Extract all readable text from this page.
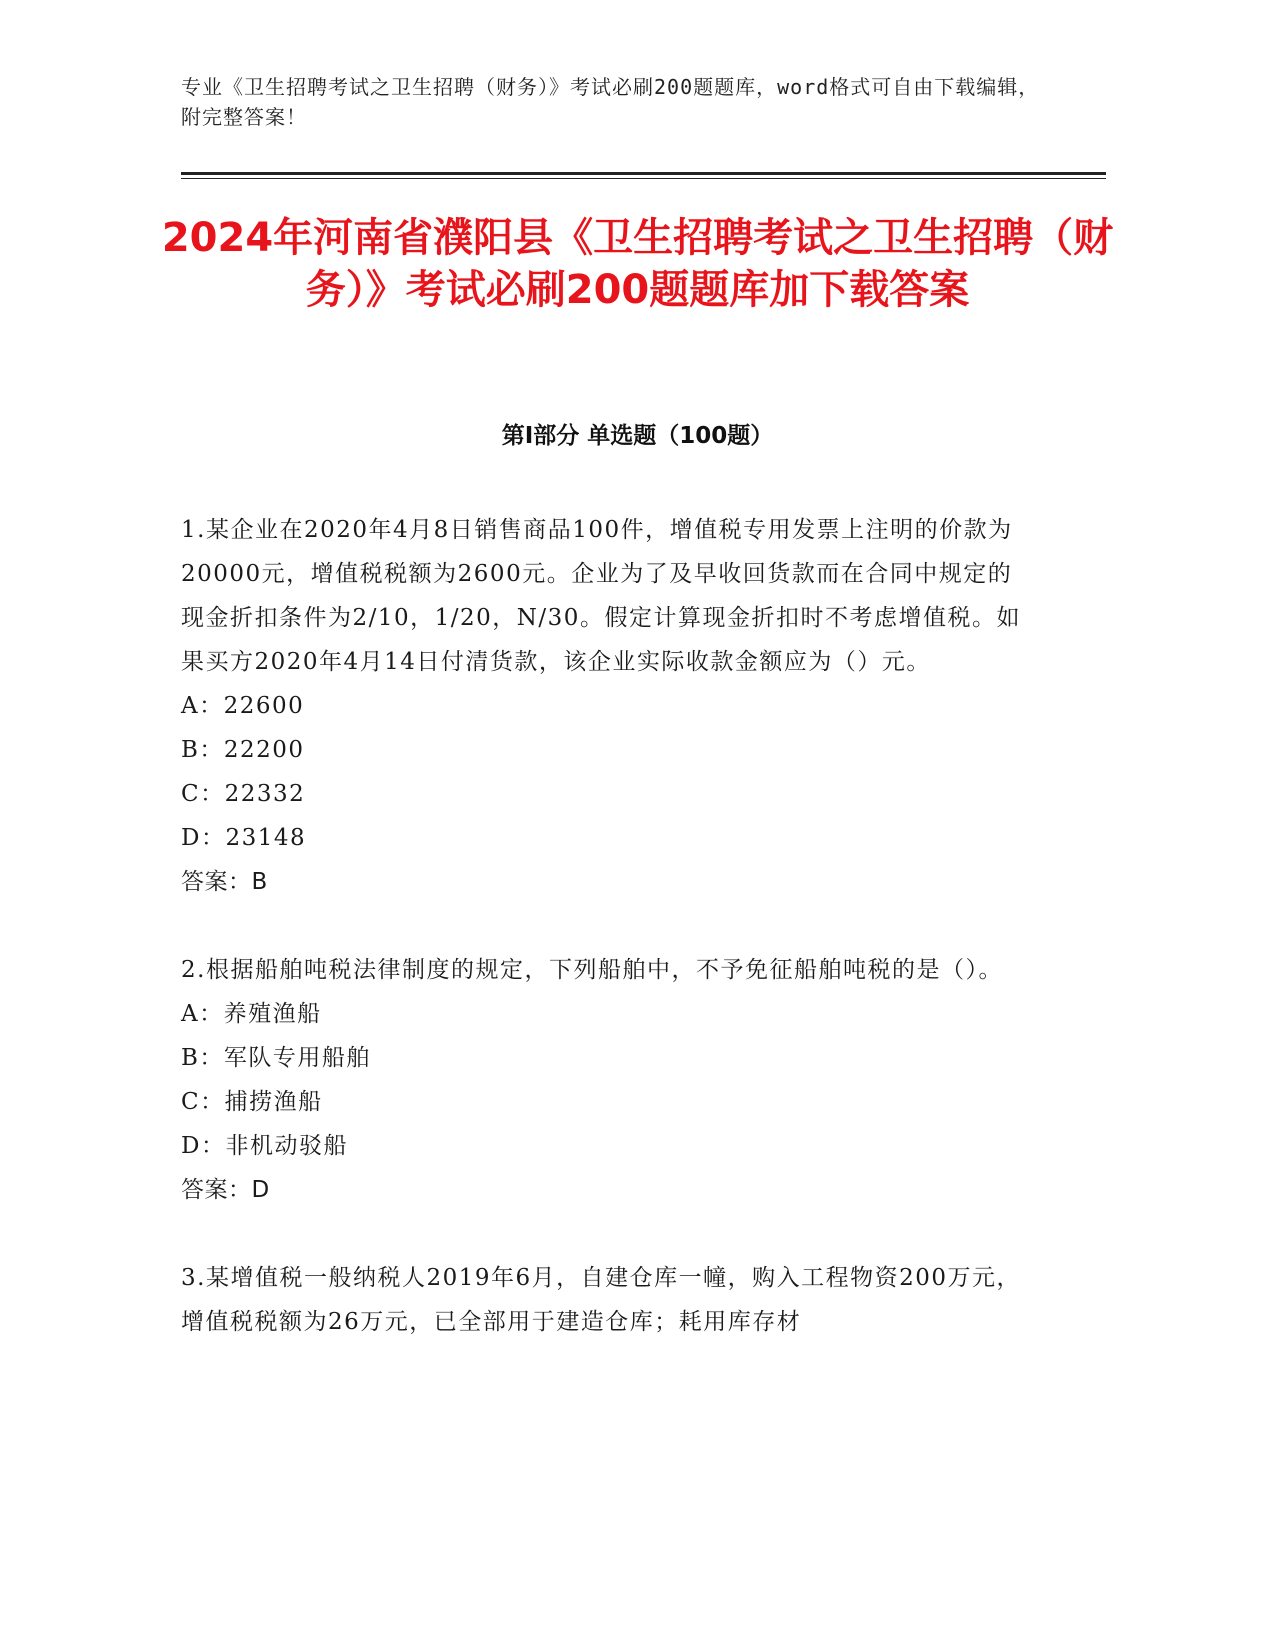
专业《卫生招聘考试之卫生招聘（财务）》考试必刷200题题库，word格式可自由下载编辑，附完整答案！
2024年河南省濮阳县《卫生招聘考试之卫生招聘（财务）》考试必刷200题题库加下载答案
第Ⅰ部分 单选题（100题）
1.某企业在2020年4月8日销售商品100件，增值税专用发票上注明的价款为20000元，增值税税额为2600元。企业为了及早收回货款而在合同中规定的现金折扣条件为2/10，1/20，N/30。假定计算现金折扣时不考虑增值税。如果买方2020年4月14日付清货款，该企业实际收款金额应为（）元。
A：22600
B：22200
C：22332
D：23148
答案：B
2.根据船舶吨税法律制度的规定，下列船舶中，不予免征船舶吨税的是（）。
A：养殖渔船
B：军队专用船舶
C：捕捞渔船
D：非机动驳船
答案：D
3.某增值税一般纳税人2019年6月，自建仓库一幢，购入工程物资200万元，增值税税额为26万元，已全部用于建造仓库；耗用库存材
